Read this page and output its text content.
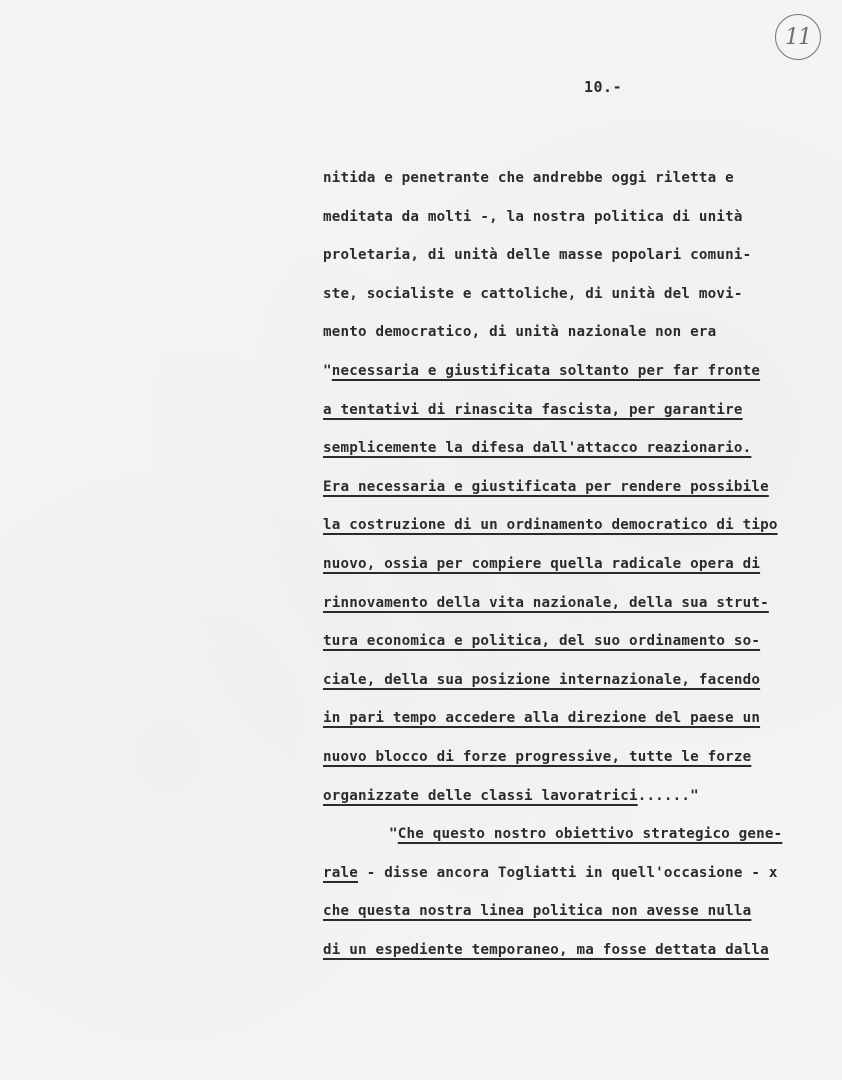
11
10.-
nitida e penetrante che andrebbe oggi riletta e
meditata da molti -, la nostra politica di unità
proletaria, di unità delle masse popolari comuni-
ste, socialiste e cattoliche, di unità del movi-
mento democratico, di unità nazionale non era
"necessaria e giustificata soltanto per far fronte
a tentativi di rinascita fascista, per garantire
semplicemente la difesa dall'attacco reazionario.
Era necessaria e giustificata per rendere possibile
la costruzione di un ordinamento democratico di tipo
nuovo, ossia per compiere quella radicale opera di
rinnovamento della vita nazionale, della sua strut-
tura economica e politica, del suo ordinamento so-
ciale, della sua posizione internazionale, facendo
in pari tempo accedere alla direzione del paese un
nuovo blocco di forze progressive, tutte le forze
organizzate delle classi lavoratrici......"
"Che questo nostro obiettivo strategico gene-
rale - disse ancora Togliatti in quell'occasione - x
che questa nostra linea politica non avesse nulla
di un espediente temporaneo, ma fosse dettata dalla
